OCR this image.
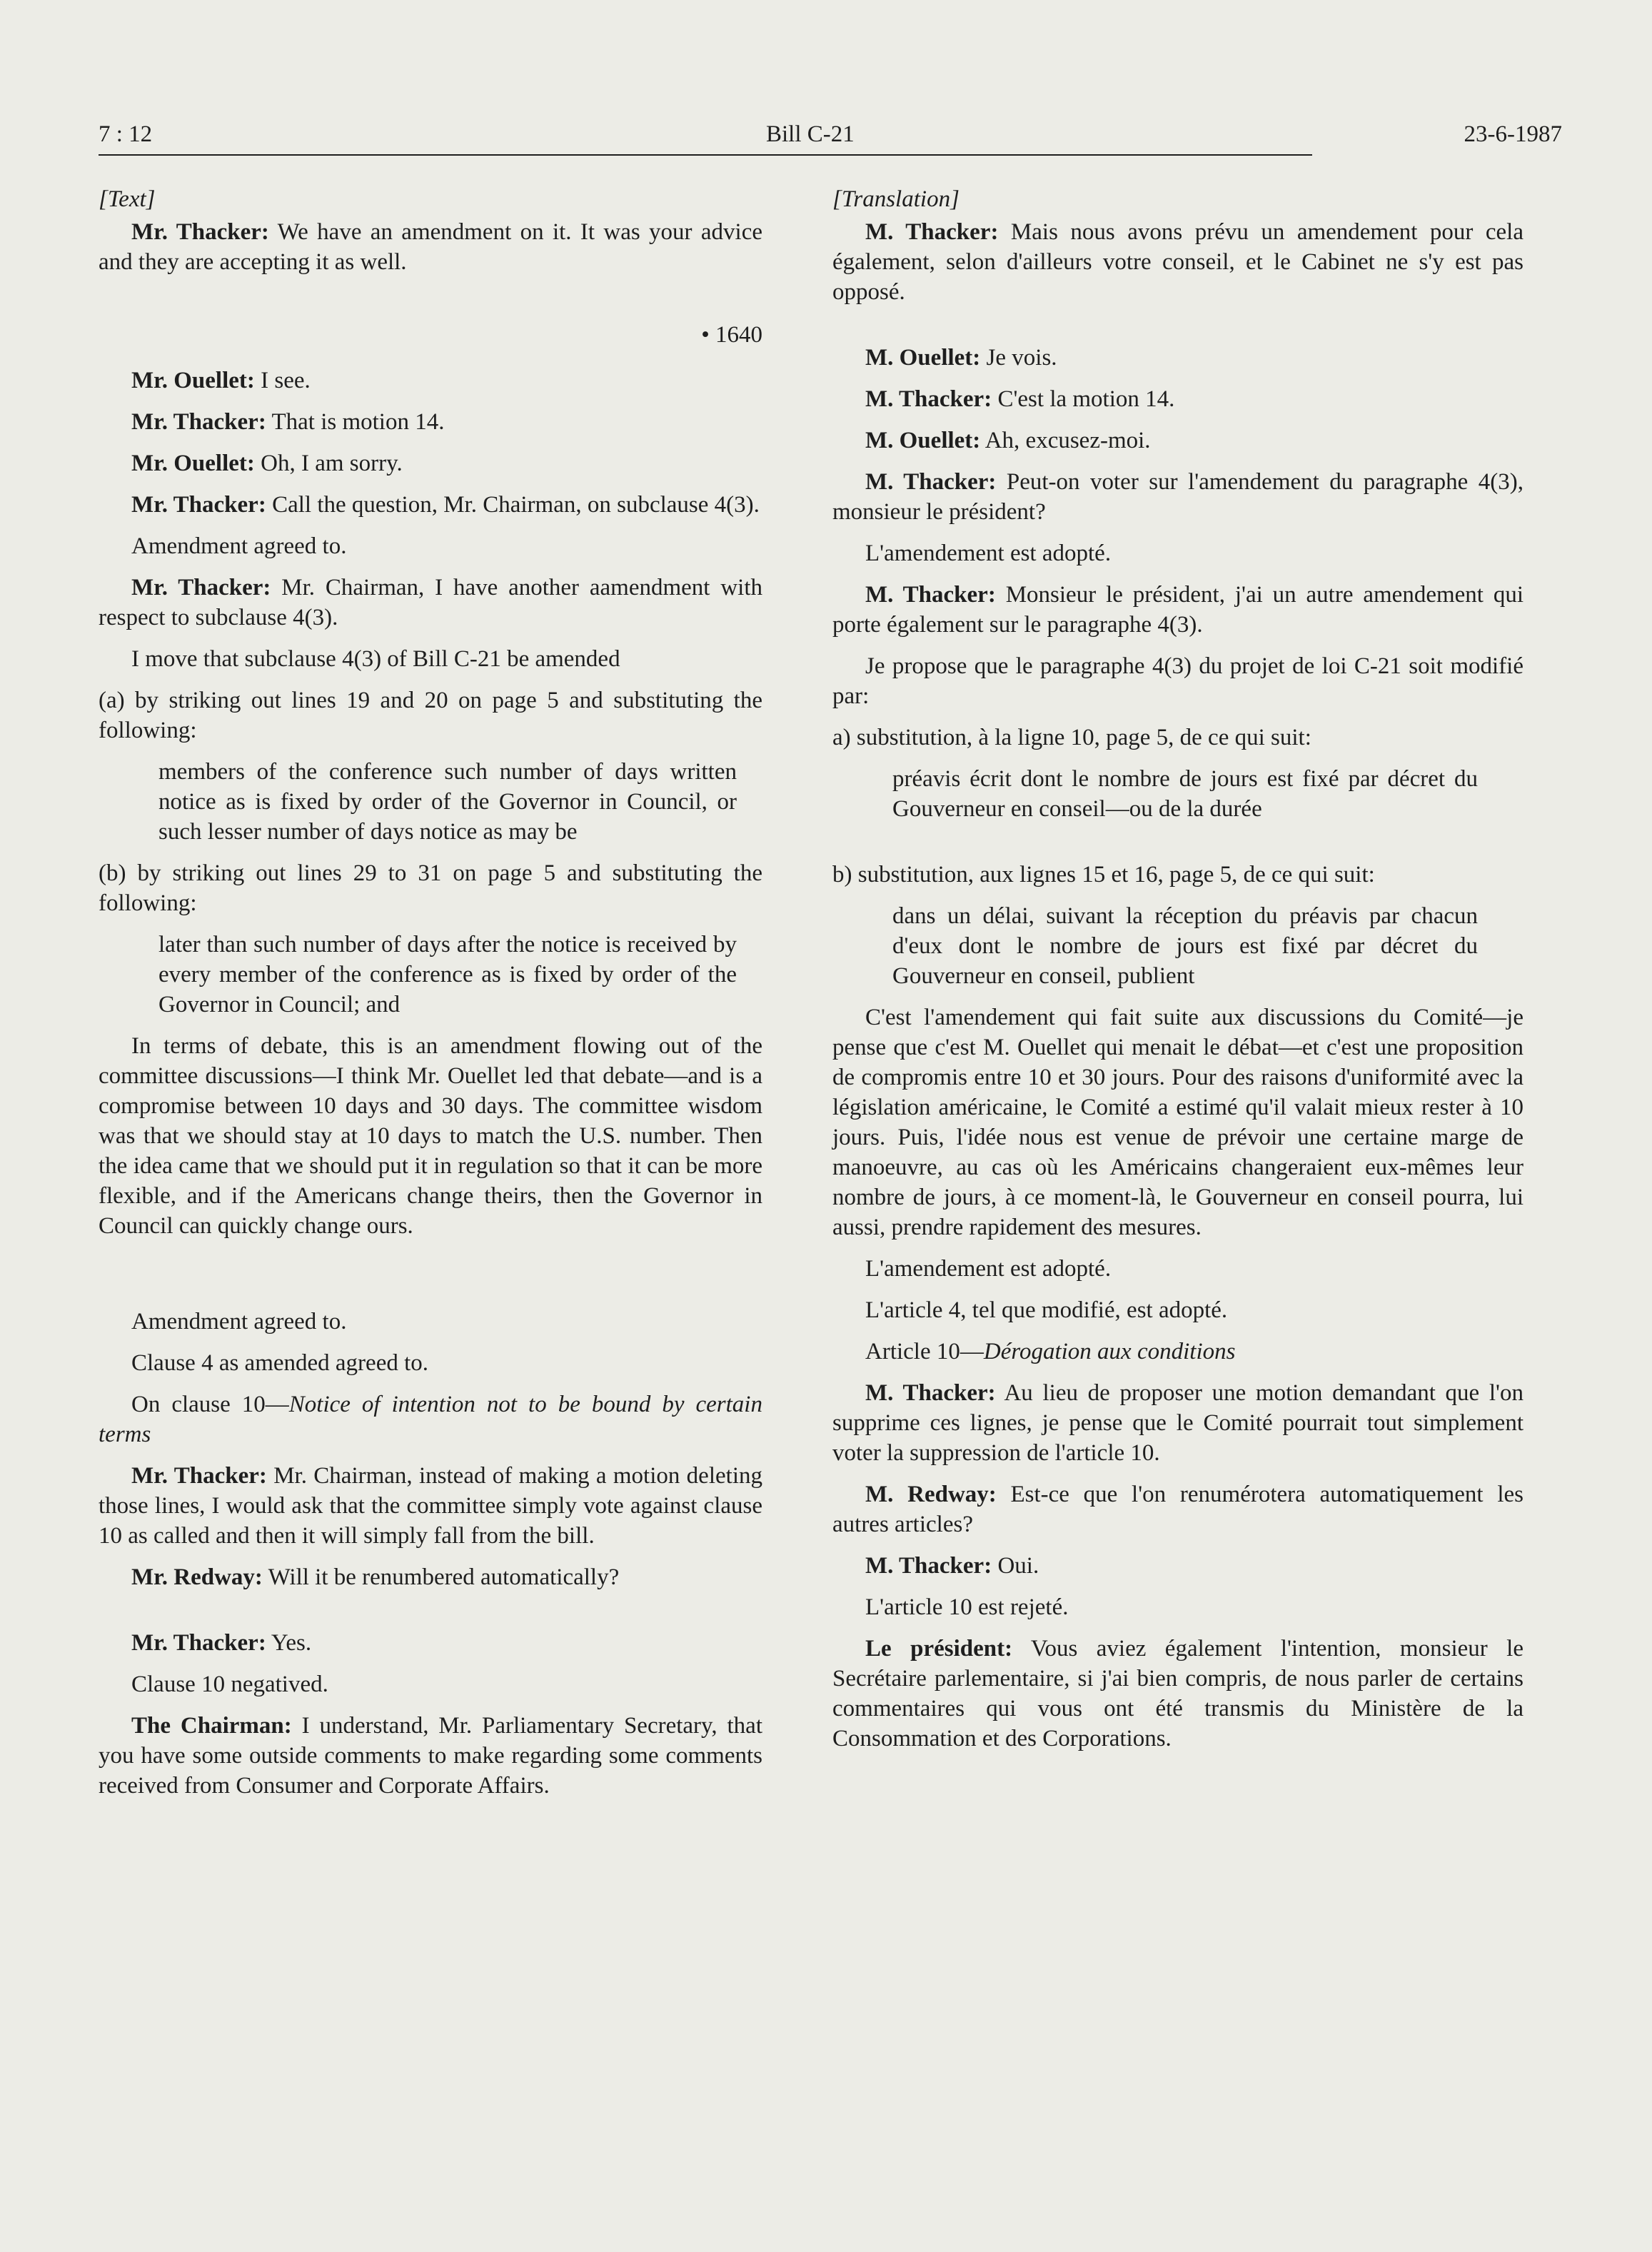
7 : 12	Bill C-21	23-6-1987

[Text]

Mr. Thacker: We have an amendment on it. It was your advice and they are accepting it as well.

• 1640

Mr. Ouellet: I see.

Mr. Thacker: That is motion 14.

Mr. Ouellet: Oh, I am sorry.

Mr. Thacker: Call the question, Mr. Chairman, on subclause 4(3).

Amendment agreed to.

Mr. Thacker: Mr. Chairman, I have another aamendment with respect to subclause 4(3).

I move that subclause 4(3) of Bill C-21 be amended

(a) by striking out lines 19 and 20 on page 5 and substituting the following:

members of the conference such number of days written notice as is fixed by order of the Governor in Council, or such lesser number of days notice as may be

(b) by striking out lines 29 to 31 on page 5 and substituting the following:

later than such number of days after the notice is received by every member of the conference as is fixed by order of the Governor in Council; and

In terms of debate, this is an amendment flowing out of the committee discussions—I think Mr. Ouellet led that debate—and is a compromise between 10 days and 30 days. The committee wisdom was that we should stay at 10 days to match the U.S. number. Then the idea came that we should put it in regulation so that it can be more flexible, and if the Americans change theirs, then the Governor in Council can quickly change ours.

Amendment agreed to.

Clause 4 as amended agreed to.

On clause 10—Notice of intention not to be bound by certain terms

Mr. Thacker: Mr. Chairman, instead of making a motion deleting those lines, I would ask that the committee simply vote against clause 10 as called and then it will simply fall from the bill.

Mr. Redway: Will it be renumbered automatically?

Mr. Thacker: Yes.

Clause 10 negatived.

The Chairman: I understand, Mr. Parliamentary Secretary, that you have some outside comments to make regarding some comments received from Consumer and Corporate Affairs.

[Translation]

M. Thacker: Mais nous avons prévu un amendement pour cela également, selon d'ailleurs votre conseil, et le Cabinet ne s'y est pas opposé.

M. Ouellet: Je vois.

M. Thacker: C'est la motion 14.

M. Ouellet: Ah, excusez-moi.

M. Thacker: Peut-on voter sur l'amendement du paragraphe 4(3), monsieur le président?

L'amendement est adopté.

M. Thacker: Monsieur le président, j'ai un autre amendement qui porte également sur le paragraphe 4(3).

Je propose que le paragraphe 4(3) du projet de loi C-21 soit modifié par:

a) substitution, à la ligne 10, page 5, de ce qui suit:

préavis écrit dont le nombre de jours est fixé par décret du Gouverneur en conseil—ou de la durée

b) substitution, aux lignes 15 et 16, page 5, de ce qui suit:

dans un délai, suivant la réception du préavis par chacun d'eux dont le nombre de jours est fixé par décret du Gouverneur en conseil, publient

C'est l'amendement qui fait suite aux discussions du Comité—je pense que c'est M. Ouellet qui menait le débat—et c'est une proposition de compromis entre 10 et 30 jours. Pour des raisons d'uniformité avec la législation américaine, le Comité a estimé qu'il valait mieux rester à 10 jours. Puis, l'idée nous est venue de prévoir une certaine marge de manoeuvre, au cas où les Américains changeraient eux-mêmes leur nombre de jours, à ce moment-là, le Gouverneur en conseil pourra, lui aussi, prendre rapidement des mesures.

L'amendement est adopté.

L'article 4, tel que modifié, est adopté.

Article 10—Dérogation aux conditions

M. Thacker: Au lieu de proposer une motion demandant que l'on supprime ces lignes, je pense que le Comité pourrait tout simplement voter la suppression de l'article 10.

M. Redway: Est-ce que l'on renumérotera automatiquement les autres articles?

M. Thacker: Oui.

L'article 10 est rejeté.

Le président: Vous aviez également l'intention, monsieur le Secrétaire parlementaire, si j'ai bien compris, de nous parler de certains commentaires qui vous ont été transmis du Ministère de la Consommation et des Corporations.
